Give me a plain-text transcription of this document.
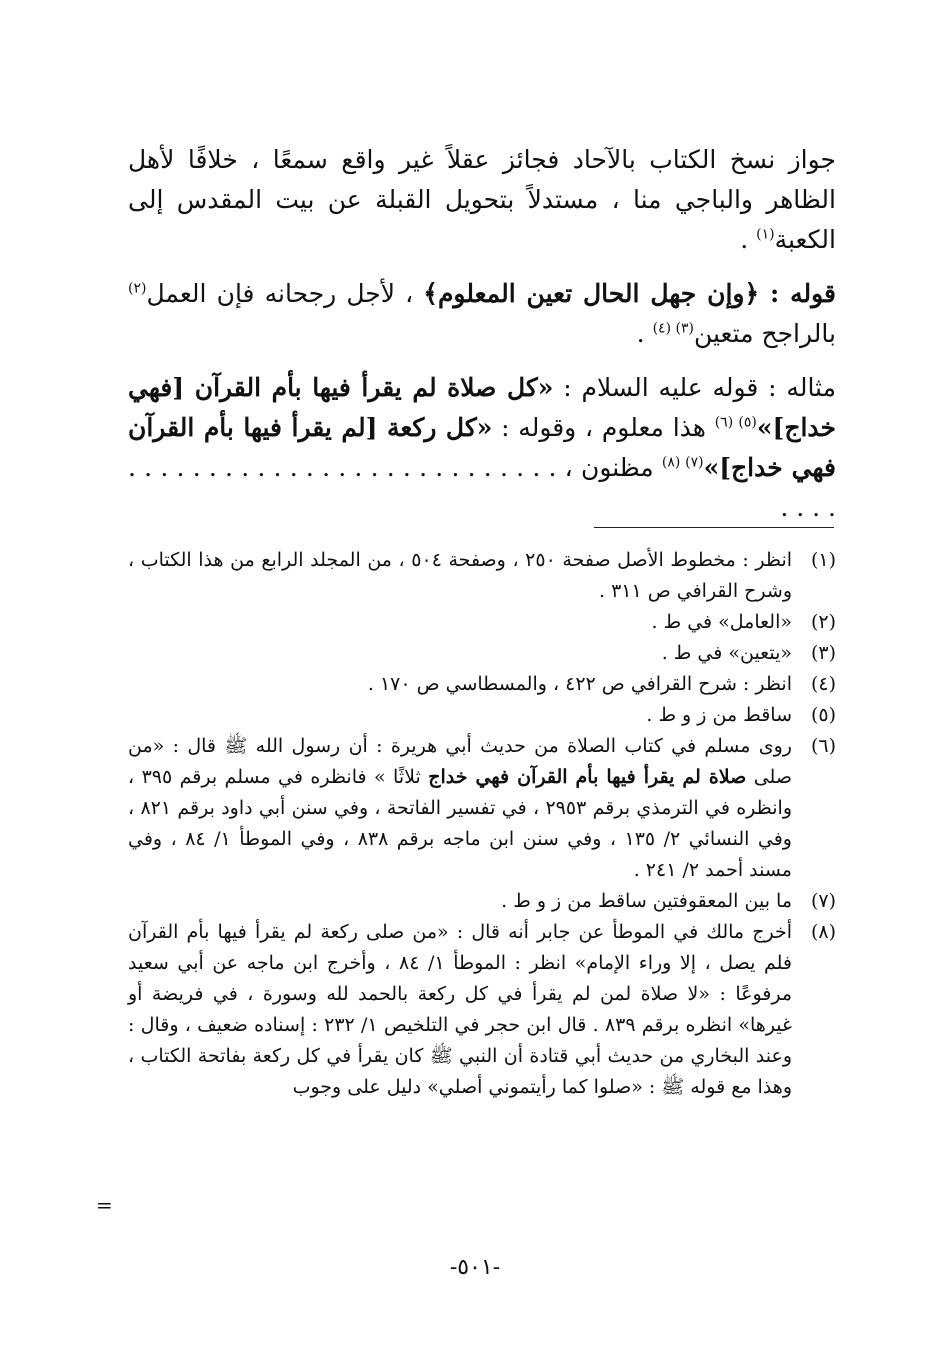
جواز نسخ الكتاب بالآحاد فجائز عقلاً غير واقع سمعًا ، خلافًا لأهل الظاهر والباجي منا ، مستدلاً بتحويل القبلة عن بيت المقدس إلى الكعبة$^{(١)}$ .

قوله : ﴿وإن جهل الحال تعين المعلوم﴾ ، لأجل رجحانه فإن العمل$^{(٢)}$ بالراجح متعين$^{(٣) (٤)}$ .

مثاله : قوله عليه السلام : «كل صلاة لم يقرأ فيها بأم القرآن [فهي خداج]»$^{(٥) (٦)}$ هذا معلوم ، وقوله : «كل ركعة [لم يقرأ فيها بأم القرآن فهي خداج]»$^{(٧) (٨)}$ مظنون ، . . . . . . . . . . . . . . . . . . . . . . . . . . . . . . .

(١)
انظر : مخطوط الأصل صفحة ٢٥٠ ، وصفحة ٥٠٤ ، من المجلد الرابع من هذا الكتاب ، وشرح القرافي ص ٣١١ .
(٢)
«العامل» في ط .
(٣)
«يتعين» في ط .
(٤)
انظر : شرح القرافي ص ٤٢٢ ، والمسطاسي ص ١٧٠ .
(٥)
ساقط من ز و ط .
(٦)
روى مسلم في كتاب الصلاة من حديث أبي هريرة : أن رسول الله ﷺ قال : «من صلى صلاة لم يقرأ فيها بأم القرآن فهي خداج ثلاثًا » فانظره في مسلم برقم ٣٩٥ ، وانظره في الترمذي برقم ٢٩٥٣ ، في تفسير الفاتحة ، وفي سنن أبي داود برقم ٨٢١ ، وفي النسائي ٢/ ١٣٥ ، وفي سنن ابن ماجه برقم ٨٣٨ ، وفي الموطأ ١/ ٨٤ ، وفي مسند أحمد ٢/ ٢٤١ .
(٧)
ما بين المعقوفتين ساقط من ز و ط .
(٨)
أخرج مالك في الموطأ عن جابر أنه قال : «من صلى ركعة لم يقرأ فيها بأم القرآن فلم يصل ، إلا وراء الإمام» انظر : الموطأ ١/ ٨٤ ، وأخرج ابن ماجه عن أبي سعيد مرفوعًا : «لا صلاة لمن لم يقرأ في كل ركعة بالحمد لله وسورة ، في فريضة أو غيرها» انظره برقم ٨٣٩ . قال ابن حجر في التلخيص ١/ ٢٣٢ : إسناده ضعيف ، وقال : وعند البخاري من حديث أبي قتادة أن النبي ﷺ كان يقرأ في كل ركعة بفاتحة الكتاب ، وهذا مع قوله ﷺ : «صلوا كما رأيتموني أصلي» دليل على وجوب
=
-٥٠١-
